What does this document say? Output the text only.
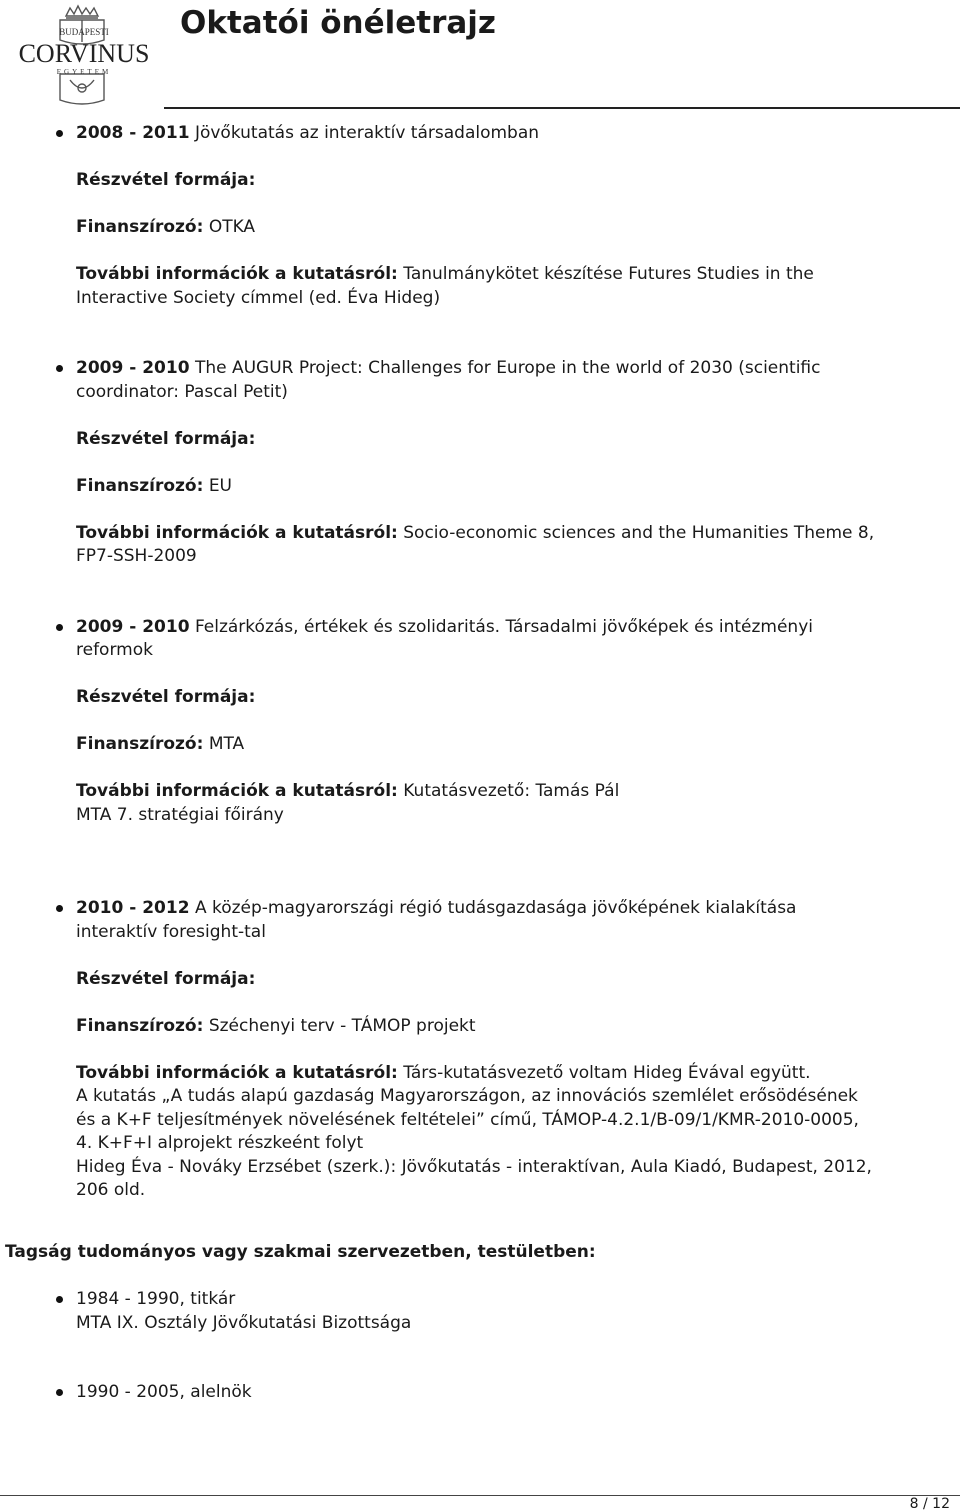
BUDAPESTI
CORVINUS
EGYETEM
Oktatói önéletrajz

2008 - 2011 Jövőkutatás az interaktív társadalomban

Részvétel formája:

Finanszírozó: OTKA

További információk a kutatásról: Tanulmánykötet készítése Futures Studies in the

Interactive Society címmel (ed. Éva Hideg)

2009 - 2010 The AUGUR Project: Challenges for Europe in the world of 2030 (scientific

coordinator: Pascal Petit)

Részvétel formája:

Finanszírozó: EU

További információk a kutatásról: Socio-economic sciences and the Humanities Theme 8,

FP7-SSH-2009

2009 - 2010 Felzárkózás, értékek és szolidaritás. Társadalmi jövőképek és intézményi

reformok

Részvétel formája:

Finanszírozó: MTA

További információk a kutatásról: Kutatásvezető: Tamás Pál

MTA 7. stratégiai főirány

2010 - 2012 A közép-magyarországi régió tudásgazdasága jövőképének kialakítása

interaktív foresight-tal

Részvétel formája:

Finanszírozó: Széchenyi terv - TÁMOP projekt

További információk a kutatásról: Társ-kutatásvezető voltam Hideg Évával együtt.

A kutatás „A tudás alapú gazdaság Magyarországon, az innovációs szemlélet erősödésének

és a K+F teljesítmények növelésének feltételei” című, TÁMOP-4.2.1/B-09/1/KMR-2010-0005,

4. K+F+I alprojekt részkeént folyt

Hideg Éva - Nováky Erzsébet (szerk.): Jövőkutatás - interaktívan, Aula Kiadó, Budapest, 2012,

206 old.

Tagság tudományos vagy szakmai szervezetben, testületben:

1984 - 1990, titkár

MTA IX. Osztály Jövőkutatási Bizottsága

1990 - 2005, alelnök

8 / 12
